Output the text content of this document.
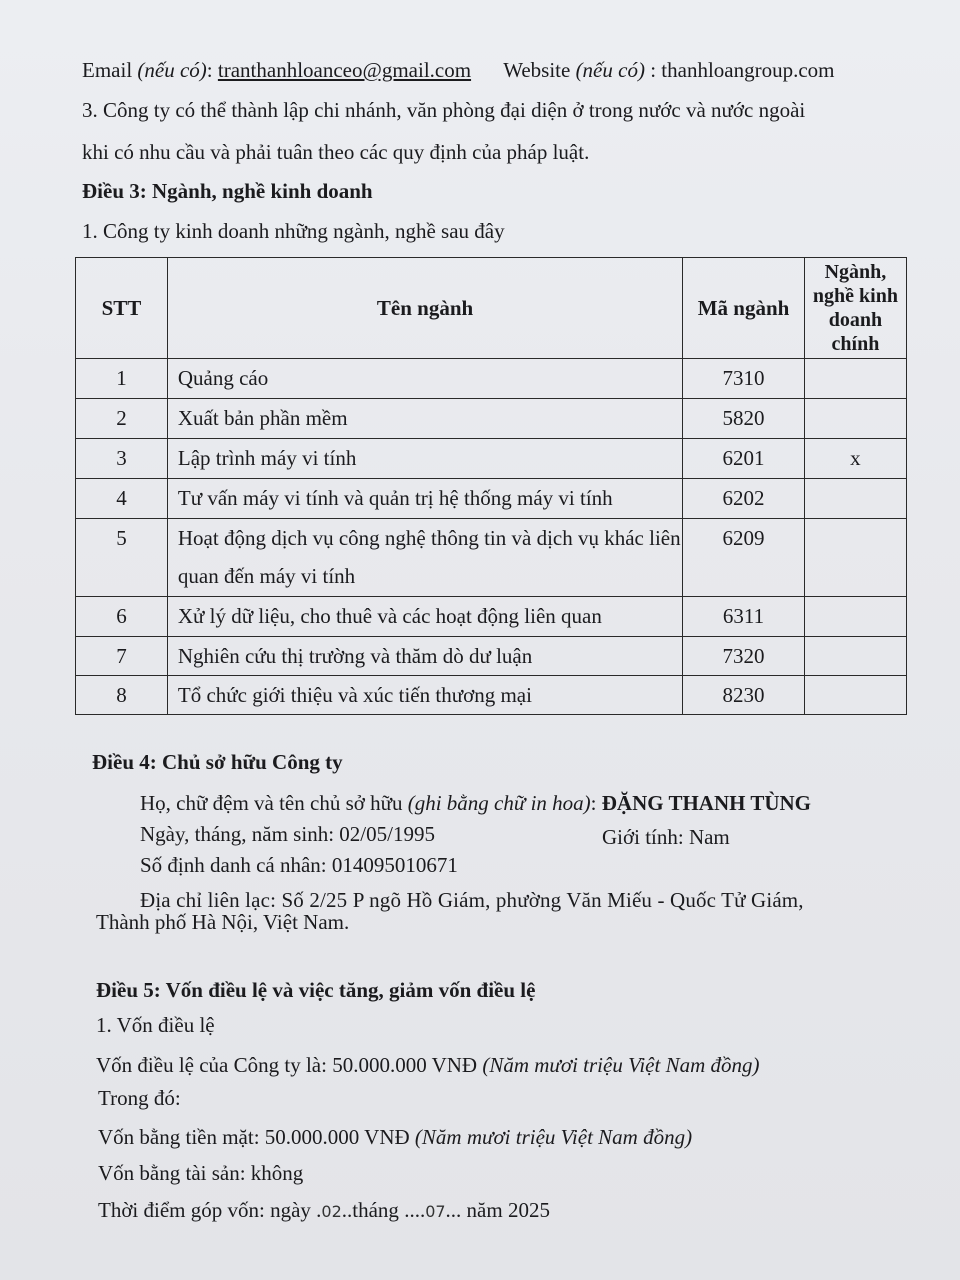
Email (nếu có): tranthanhloanceo@gmail.com Website (nếu có) : thanhloangroup.com
3. Công ty có thể thành lập chi nhánh, văn phòng đại diện ở trong nước và nước ngoài
khi có nhu cầu và phải tuân theo các quy định của pháp luật.
Điều 3: Ngành, nghề kinh doanh
1. Công ty kinh doanh những ngành, nghề sau đây
STT	Tên ngành	Mã ngành	Ngành,
nghề kinh
doanh
chính

1	Quảng cáo	7310	
2	Xuất bản phần mềm	5820	
3	Lập trình máy vi tính	6201	x
4	Tư vấn máy vi tính và quản trị hệ thống máy vi tính	6202	
5	Hoạt động dịch vụ công nghệ thông tin và dịch vụ khác liên quan đến máy vi tính	6209	
6	Xử lý dữ liệu, cho thuê và các hoạt động liên quan	6311	
7	Nghiên cứu thị trường và thăm dò dư luận	7320	
8	Tổ chức giới thiệu và xúc tiến thương mại	8230	
Điều 4: Chủ sở hữu Công ty
Họ, chữ đệm và tên chủ sở hữu (ghi bằng chữ in hoa): ĐẶNG THANH TÙNG
Ngày, tháng, năm sinh: 02/05/1995	Giới tính: Nam
Số định danh cá nhân: 014095010671
Địa chỉ liên lạc: Số 2/25 P ngõ Hồ Giám, phường Văn Miếu - Quốc Tử Giám,
Thành phố Hà Nội, Việt Nam.
Điều 5: Vốn điều lệ và việc tăng, giảm vốn điều lệ
1. Vốn điều lệ
Vốn điều lệ của Công ty là: 50.000.000 VNĐ (Năm mươi triệu Việt Nam đồng)
Trong đó:
Vốn bằng tiền mặt: 50.000.000 VNĐ (Năm mươi triệu Việt Nam đồng)
Vốn bằng tài sản: không
Thời điểm góp vốn: ngày .02..tháng ....07... năm 2025
